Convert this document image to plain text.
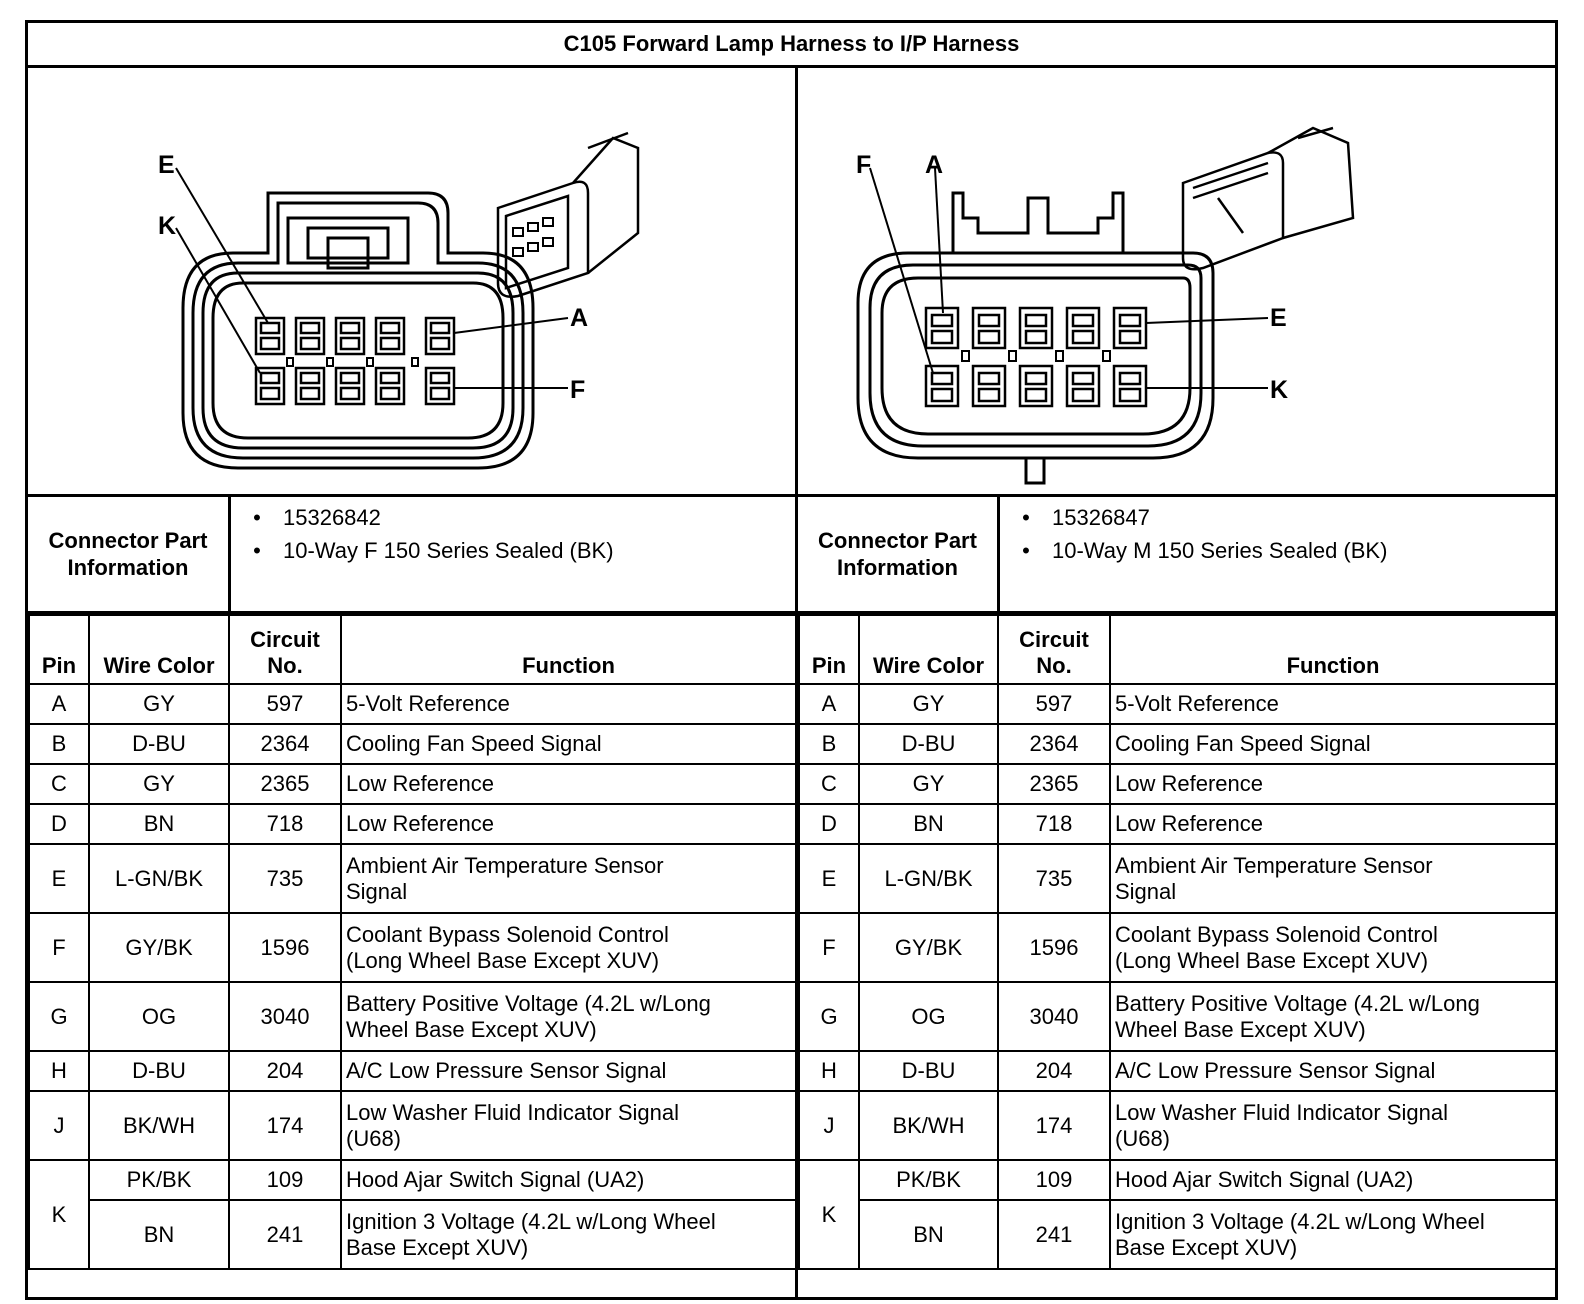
C105 Forward Lamp Harness to I/P Harness
E
K
A
F
F A
E
K
Connector Part
Information
•	15326842
•	10-Way F 150 Series Sealed (BK)	Connector Part
Information
•	15326847
•	10-Way M 150 Series Sealed (BK)
Pin	Wire Color	Circuit
No.	Function
A	GY	597	5-Volt Reference
B	D-BU	2364	Cooling Fan Speed Signal
C	GY	2365	Low Reference
D	BN	718	Low Reference
E	L-GN/BK	735	Ambient Air Temperature Sensor
Signal

F	GY/BK	1596	Coolant Bypass Solenoid Control
(Long Wheel Base Except XUV)

G	OG	3040	Battery Positive Voltage (4.2L w/Long
Wheel Base Except XUV)

H	D-BU	204	A/C Low Pressure Sensor Signal
J	BK/WH	174	Low Washer Fluid Indicator Signal
(U68)

K	PK/BK	109	Hood Ajar Switch Signal (UA2)
	BN	241	Ignition 3 Voltage (4.2L w/Long Wheel
Base Except XUV)
Pin	Wire Color	Circuit
No.	Function
A	GY	597	5-Volt Reference
B	D-BU	2364	Cooling Fan Speed Signal
C	GY	2365	Low Reference
D	BN	718	Low Reference
E	L-GN/BK	735	Ambient Air Temperature Sensor
Signal

F	GY/BK	1596	Coolant Bypass Solenoid Control
(Long Wheel Base Except XUV)

G	OG	3040	Battery Positive Voltage (4.2L w/Long
Wheel Base Except XUV)

H	D-BU	204	A/C Low Pressure Sensor Signal
J	BK/WH	174	Low Washer Fluid Indicator Signal
(U68)

K	PK/BK	109	Hood Ajar Switch Signal (UA2)
	BN	241	Ignition 3 Voltage (4.2L w/Long Wheel
Base Except XUV)
